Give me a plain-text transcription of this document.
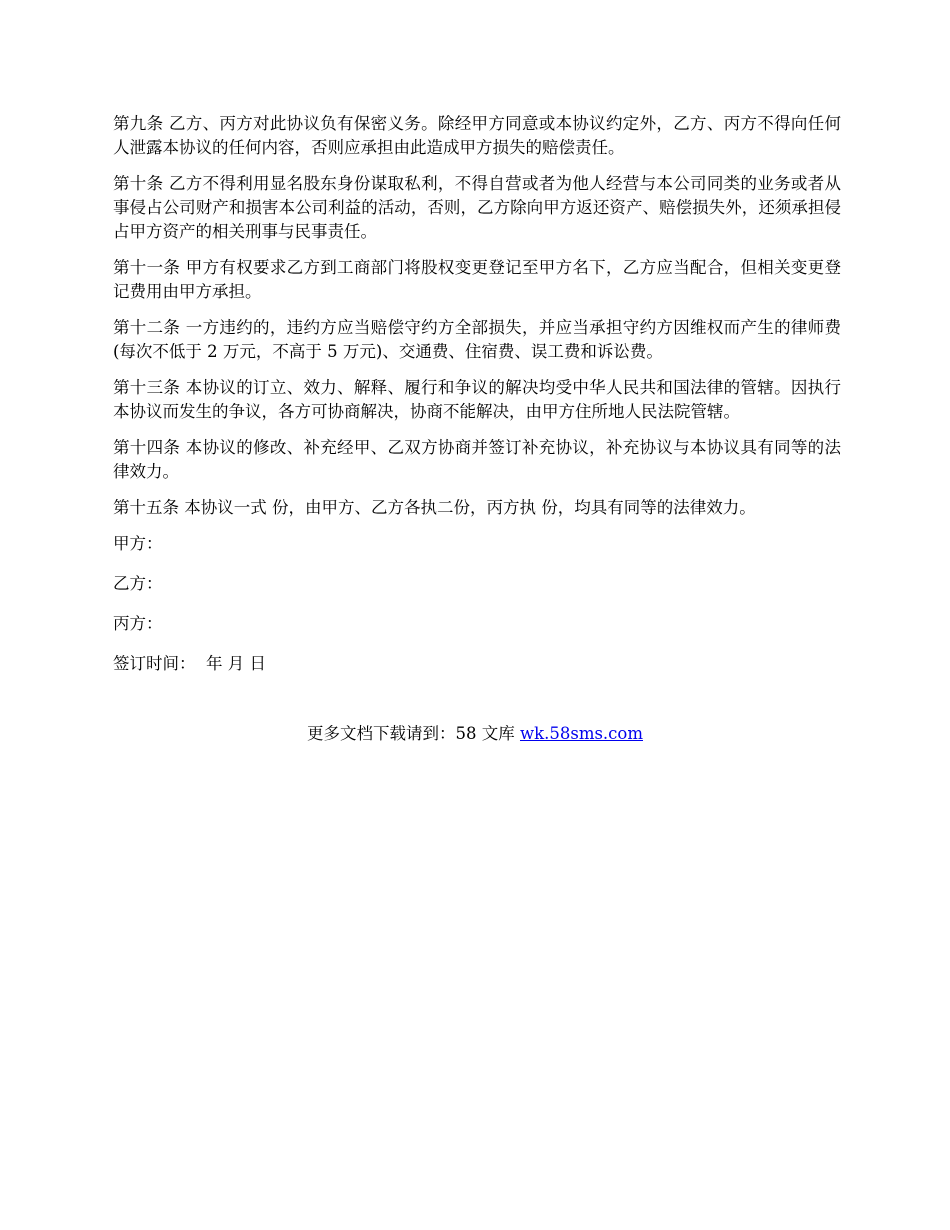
第九条 乙方、丙方对此协议负有保密义务。除经甲方同意或本协议约定外，乙方、丙方不得向任何人泄露本协议的任何内容，否则应承担由此造成甲方损失的赔偿责任。

第十条 乙方不得利用显名股东身份谋取私利，不得自营或者为他人经营与本公司同类的业务或者从事侵占公司财产和损害本公司利益的活动，否则，乙方除向甲方返还资产、赔偿损失外，还须承担侵占甲方资产的相关刑事与民事责任。

第十一条 甲方有权要求乙方到工商部门将股权变更登记至甲方名下，乙方应当配合，但相关变更登记费用由甲方承担。

第十二条 一方违约的，违约方应当赔偿守约方全部损失，并应当承担守约方因维权而产生的律师费(每次不低于 2 万元，不高于 5 万元)、交通费、住宿费、误工费和诉讼费。

第十三条 本协议的订立、效力、解释、履行和争议的解决均受中华人民共和国法律的管辖。因执行本协议而发生的争议，各方可协商解决，协商不能解决，由甲方住所地人民法院管辖。

第十四条 本协议的修改、补充经甲、乙双方协商并签订补充协议，补充协议与本协议具有同等的法律效力。

第十五条 本协议一式 份，由甲方、乙方各执二份，丙方执 份，均具有同等的法律效力。

甲方：

乙方：

丙方：

签订时间：  年 月 日

更多文档下载请到：58 文库 wk.58sms.com
